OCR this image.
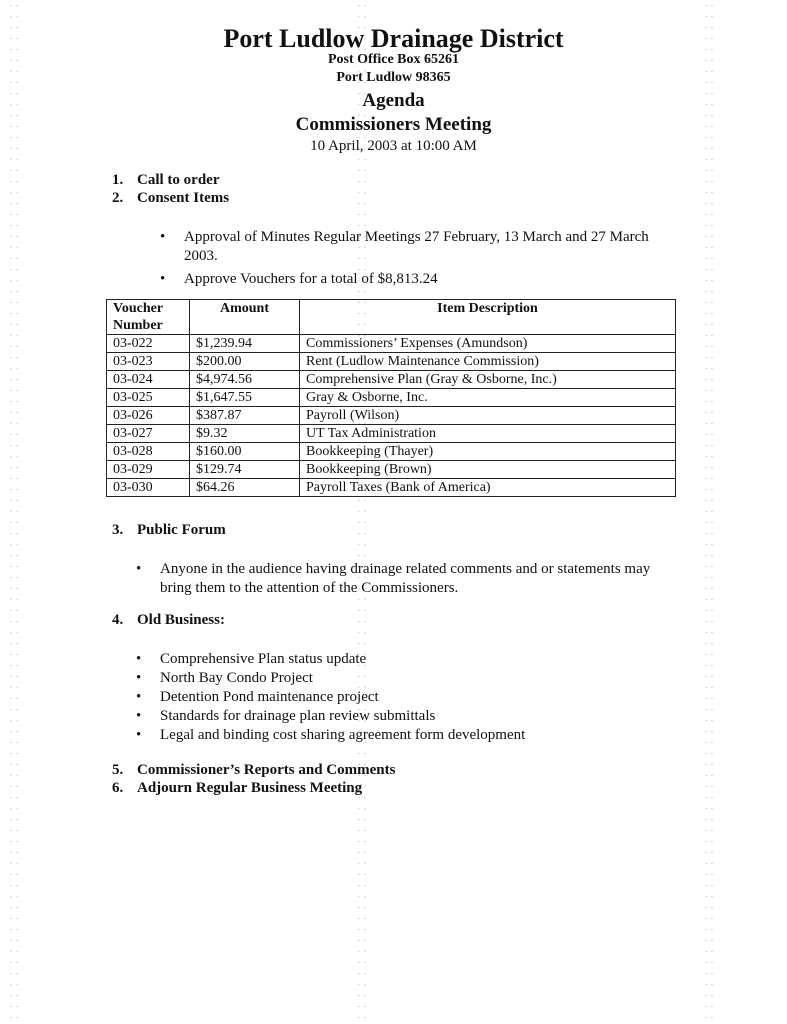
Port Ludlow Drainage District
Post Office Box 65261
Port Ludlow 98365
Agenda
Commissioners Meeting
10 April, 2003 at 10:00 AM
1. Call to order
2. Consent Items
• Approval of Minutes Regular Meetings 27 February, 13 March and 27 March 2003.
• Approve Vouchers for a total of $8,813.24
Voucher Number	Amount	Item Description
03-022	$1,239.94	Commissioners’ Expenses (Amundson)
03-023	$200.00	Rent (Ludlow Maintenance Commission)
03-024	$4,974.56	Comprehensive Plan (Gray & Osborne, Inc.)
03-025	$1,647.55	Gray & Osborne, Inc.
03-026	$387.87	Payroll (Wilson)
03-027	$9.32	UT Tax Administration
03-028	$160.00	Bookkeeping (Thayer)
03-029	$129.74	Bookkeeping (Brown)
03-030	$64.26	Payroll Taxes (Bank of America)
3. Public Forum
• Anyone in the audience having drainage related comments and or statements may bring them to the attention of the Commissioners.
4. Old Business:
• Comprehensive Plan status update
• North Bay Condo Project
• Detention Pond maintenance project
• Standards for drainage plan review submittals
• Legal and binding cost sharing agreement form development
5. Commissioner’s Reports and Comments
6. Adjourn Regular Business Meeting
